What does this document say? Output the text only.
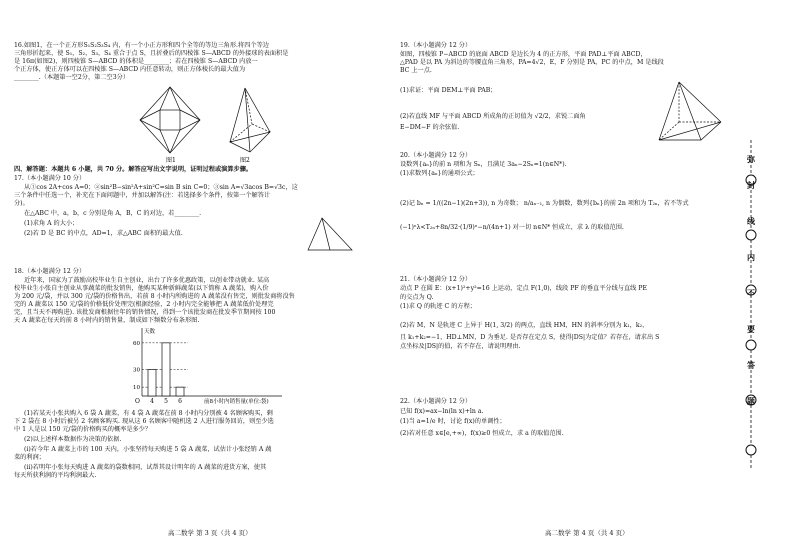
16.如图1，在一个正方形S₁S₂S₃S₄ 内，有一个小正方形和四个全等的等边三角形.将四个等边
三角形折起来，使 S₁，S₂，S₃，S₄ 重合于点 S，且折叠后的四棱锥 S—ABCD 的外接球的表面积是
是 16π(如图2)，则四棱锥 S—ABCD 的体积是________；若在四棱锥 S—ABCD 内放一
个正方体，使正方体可以在四棱锥 S—ABCD 内任意转动，则正方体棱长的最大值为
________.（本题第一空2分，第二空3分）
图1	图2
四、解答题：本题共 6 小题，共 70 分。解答应写出文字说明，证明过程或演算步骤。
17.（本小题满分 10 分）
从①cos 2A+cos A=0；②sin²B−sin²A+sin²C=sin B sin C=0；③sin A=√3acos B=√3c，这
三个条件中任选一个，补充在下面问题中，并加以解答(注：若选择多个条件，按第一个解答计
分)。
在△ABC 中，a，b，c 分别是角 A，B，C 的对边，若________.
(1)求角 A 的大小；
(2)若 D 是 BC 的中点，AD=1，求△ABC 面积的最大值.
18.（本小题满分 12 分）
近年来，国家为了鼓励高校毕业生自主创业，出台了许多优惠政策，以创业带动就业. 某高
校毕业生小张自主创业从事蔬菜的批发销售，他购买某种新鲜蔬菜(以下简称 A 蔬菜)，购入价
为 200 元/袋，并以 300 元/袋的价格售出，若前 8 小时内所购进的 A 蔬菜没有售完，则批发商将没售
完的 A 蔬菜以 150 元/袋的价格低价处理完(根据经验，2 小时内完全能够把 A 蔬菜低价处理完
完，且当天不再购进). 该批发商根据往年的销售情况，得到一个该批发商在批发季节期间按 100
天 A 蔬菜在每天的前 8 小时内的销售量，制成如下频数分布条形图.
O
天数
10
30
60
4 5 6	前8小时内销售量(单位:袋)
(1)若某天小张共购入 6 袋 A 蔬菜，有 4 袋 A 蔬菜在前 8 小时内分别被 4 名顾客购买，剩
下 2 袋在 8 小时后被另 2 名顾客购买. 现从这 6 名顾客中随机选 2 人进行服务回访，则至少选
中 1 人是以 150 元/袋的价格购买的概率是多少？
(2)以上述样本数据作为决策的依据.
(ⅰ)若今年 A 蔬菜上市的 100 天内，小张坚持每天购进 5 袋 A 蔬菜，试估计小张经销 A 蔬
菜的利润；
(ⅱ)若明年小张每天购进 A 蔬菜的袋数相同，试帮其设计明年的 A 蔬菜的进货方案，使其
每天所获利润的平均利润最大.
高二数学 第 3 页（共 4 页）
19.（本小题满分 12 分）
如图，四棱锥 P−ABCD 的底面 ABCD 是边长为 4 的正方形，平面 PAD⊥平面 ABCD，
△PAD 是以 PA 为斜边的等腰直角三角形，PA=4√2，E，F 分别是 PA，PC 的中点，M 是线段
BC 上一点.
(1)求证：平面 DEM⊥平面 PAB；
(2)若直线 MF 与平面 ABCD 所成角的正切值为 √2/2，求锐二面角
E−DM−F 的余弦值.
20.（本小题满分 12 分）
设数列{aₙ}的前 n 项和为 Sₙ，且满足 3aₙ−2Sₙ=1(n∈N*).
(1)求数列{aₙ}的通项公式；
(2)记 bₙ = 1/((2n−1)(2n+3)), n 为奇数； n/aₙ₋₁, n 为偶数，数列{bₙ}的前 2n 项和为 T₂ₙ，若不等式
(−1)ⁿλ<T₂ₙ+8n/32·(1/9)ⁿ−n/(4n+1) 对一切 n∈N* 恒成立，求 λ 的取值范围.
21.（本小题满分 12 分）
动点 P 在圆 E：(x+1)²+y²=16 上运动，定点 F(1,0)，线段 PF 的垂直平分线与直线 PE
的交点为 Q.
(1)求 Q 的轨迹 C 的方程；
(2)若 M，N 是轨迹 C 上异于 H(1, 3/2) 的两点，直线 HM，HN 的斜率分别为 k₁，k₂，
且 k₁+k₂=−1，HD⊥MN，D 为垂足. 是否存在定点 S，使得|DS|为定值？若存在，请求出 S
点坐标及|DS|的值，若不存在，请说明理由.
22.（本小题满分 12 分）
已知 f(x)=ax−ln(ln x)+ln a.
(1)当 a=1/e 时，讨论 f(x)的单调性；
(2)若对任意 x∈[e,+∞)，f(x)≥0 恒成立，求 a 的取值范围.
高二数学 第 4 页（共 4 页）
弥
封
线
内
不
要
答
题
